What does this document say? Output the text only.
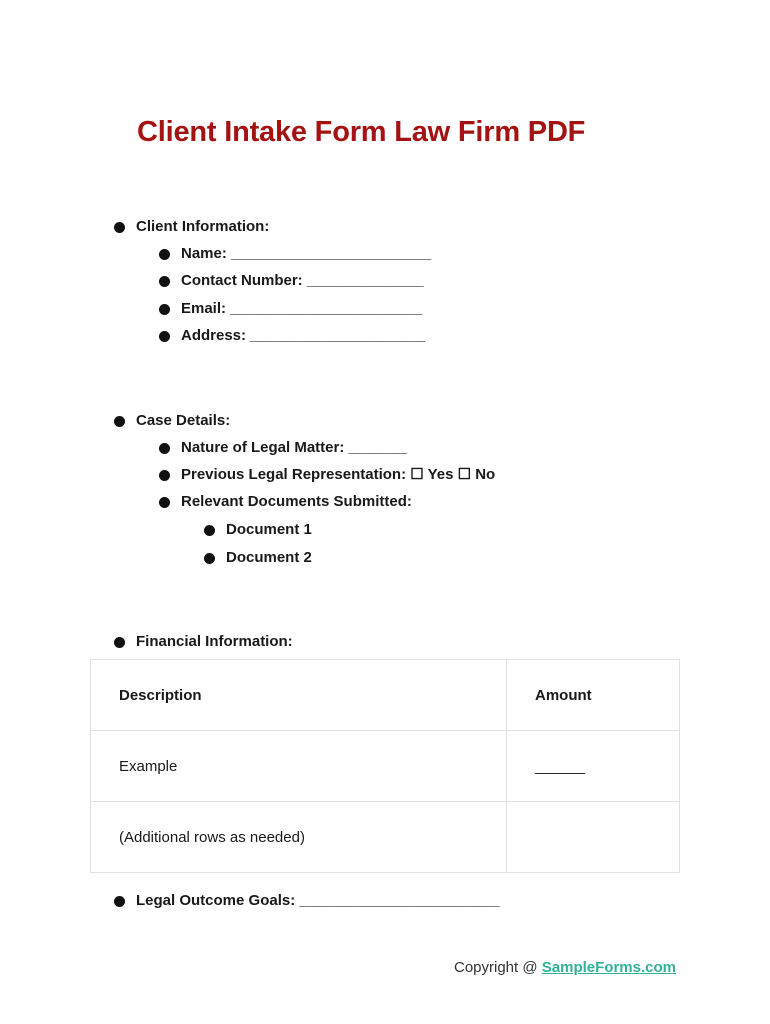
Client Intake Form Law Firm PDF
Client Information:
Name: ________________________
Contact Number: ______________
Email: _______________________
Address: _____________________
Case Details:
Nature of Legal Matter: _______
Previous Legal Representation: ☐ Yes ☐ No
Relevant Documents Submitted:
Document 1
Document 2
Financial Information:
Description	Amount
Example	______
(Additional rows as needed)	
Legal Outcome Goals: ________________________
Copyright @ SampleForms.com
